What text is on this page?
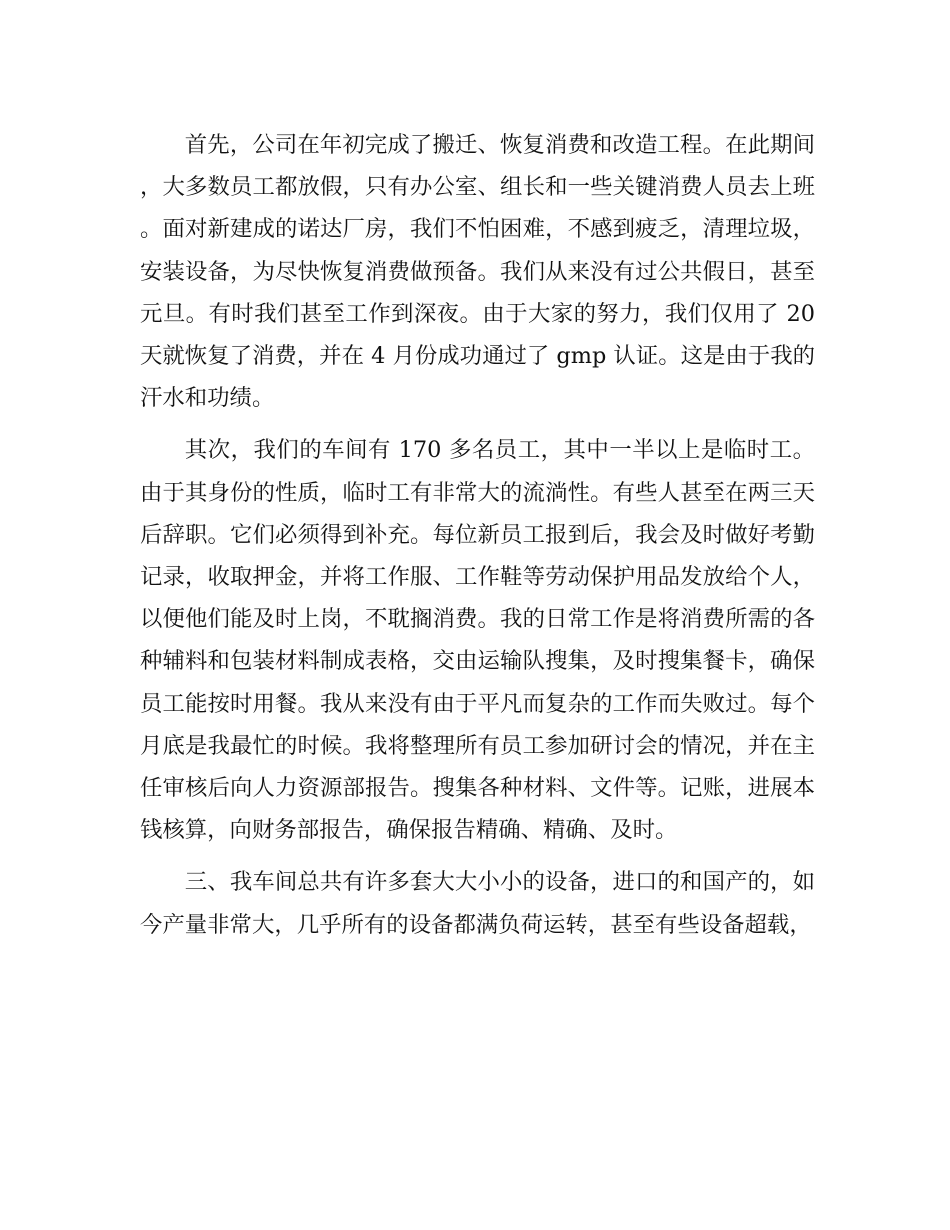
首先，公司在年初完成了搬迁、恢复消费和改造工程。在此期间，大多数员工都放假，只有办公室、组长和一些关键消费人员去上班。面对新建成的诺达厂房，我们不怕困难，不感到疲乏，清理垃圾，安装设备，为尽快恢复消费做预备。我们从来没有过公共假日，甚至元旦。有时我们甚至工作到深夜。由于大家的努力，我们仅用了 20 天就恢复了消费，并在 4 月份成功通过了 gmp 认证。这是由于我的汗水和功绩。

其次，我们的车间有 170 多名员工，其中一半以上是临时工。由于其身份的性质，临时工有非常大的流淌性。有些人甚至在两三天后辞职。它们必须得到补充。每位新员工报到后，我会及时做好考勤记录，收取押金，并将工作服、工作鞋等劳动保护用品发放给个人，以便他们能及时上岗，不耽搁消费。我的日常工作是将消费所需的各种辅料和包装材料制成表格，交由运输队搜集，及时搜集餐卡，确保员工能按时用餐。我从来没有由于平凡而复杂的工作而失败过。每个月底是我最忙的时候。我将整理所有员工参加研讨会的情况，并在主任审核后向人力资源部报告。搜集各种材料、文件等。记账，进展本钱核算，向财务部报告，确保报告精确、精确、及时。

三、我车间总共有许多套大大小小的设备，进口的和国产的，如今产量非常大，几乎所有的设备都满负荷运转，甚至有些设备超载，
